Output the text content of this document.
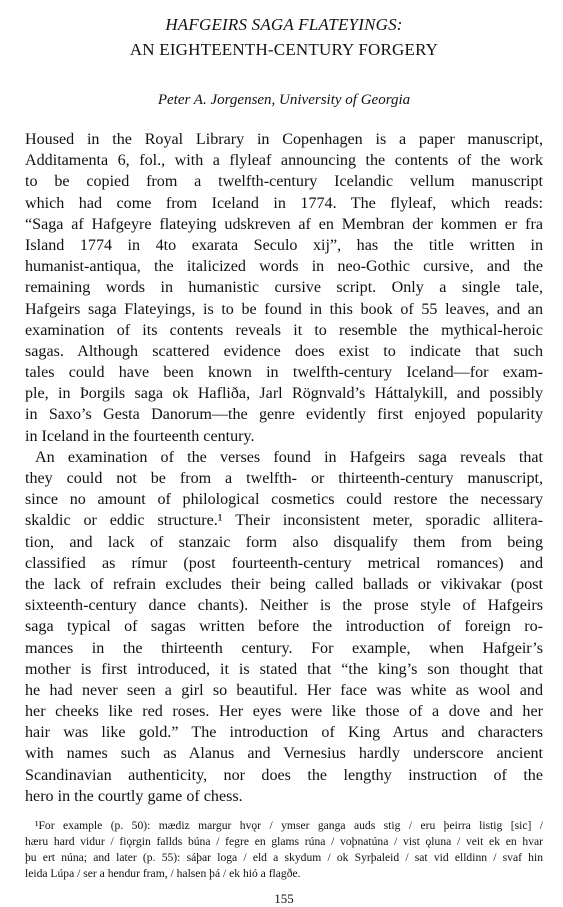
HAFGEIRS SAGA FLATEYINGS:
AN EIGHTEENTH-CENTURY FORGERY
Peter A. Jorgensen, University of Georgia
Housed in the Royal Library in Copenhagen is a paper manuscript,
Additamenta 6, fol., with a flyleaf announcing the contents of the work
to be copied from a twelfth-century Icelandic vellum manuscript
which had come from Iceland in 1774. The flyleaf, which reads:
“Saga af Hafgeyre flateying udskreven af en Membran der kommen er fra
Island 1774 in 4to exarata Seculo xij”, has the title written in
humanist-antiqua, the italicized words in neo-Gothic cursive, and the
remaining words in humanistic cursive script. Only a single tale,
Hafgeirs saga Flateyings, is to be found in this book of 55 leaves, and an
examination of its contents reveals it to resemble the mythical-heroic
sagas. Although scattered evidence does exist to indicate that such
tales could have been known in twelfth-century Iceland—for exam-
ple, in Þorgils saga ok Hafliða, Jarl Rögnvald’s Háttalykill, and possibly
in Saxo’s Gesta Danorum—the genre evidently first enjoyed popularity
in Iceland in the fourteenth century.
An examination of the verses found in Hafgeirs saga reveals that
they could not be from a twelfth- or thirteenth-century manuscript,
since no amount of philological cosmetics could restore the necessary
skaldic or eddic structure.¹ Their inconsistent meter, sporadic allitera-
tion, and lack of stanzaic form also disqualify them from being
classified as rímur (post fourteenth-century metrical romances) and
the lack of refrain excludes their being called ballads or vikivakar (post
sixteenth-century dance chants). Neither is the prose style of Hafgeirs
saga typical of sagas written before the introduction of foreign ro-
mances in the thirteenth century. For example, when Hafgeir’s
mother is first introduced, it is stated that “the king’s son thought that
he had never seen a girl so beautiful. Her face was white as wool and
her cheeks like red roses. Her eyes were like those of a dove and her
hair was like gold.” The introduction of King Artus and characters
with names such as Alanus and Vernesius hardly underscore ancient
Scandinavian authenticity, nor does the lengthy instruction of the
hero in the courtly game of chess.
¹For example (p. 50): mædiz margur hvǫr / ymser ganga auds stig / eru þeirra listig [sic] /
hæru hard vidur / fiǫrgin fallds búna / fegre en glams rúna / voþnatúna / vist ǫluna / veit ek en hvar
þu ert núna; and later (p. 55): sáþar loga / eld a skydum / ok Syrþaleid / sat vid elldinn / svaf hin
leida Lúpa / ser a hendur fram, / halsen þá / ek hió a flagðe.
155
